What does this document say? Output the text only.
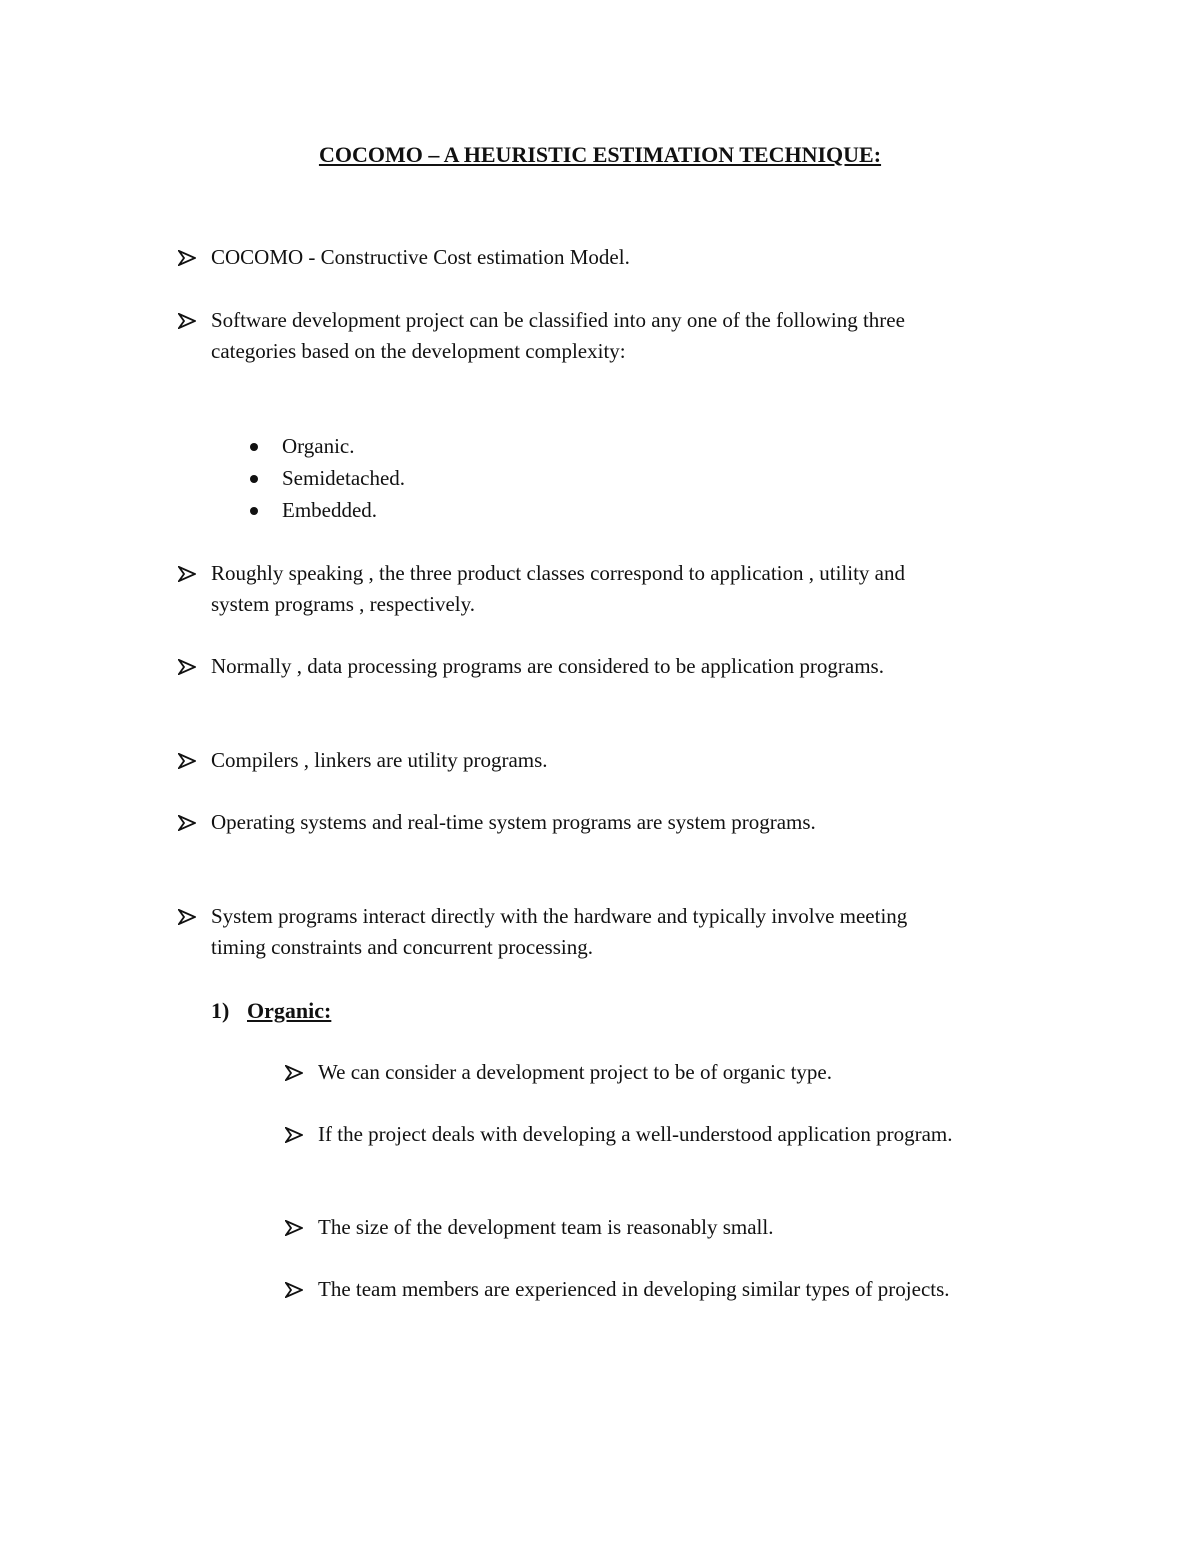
COCOMO – A HEURISTIC ESTIMATION TECHNIQUE:
COCOMO - Constructive Cost estimation Model.
Software development project can be classified into any one of the following three
categories based on the development complexity:
Organic.
Semidetached.
Embedded.
Roughly speaking , the three product classes correspond to application , utility and
system programs , respectively.
Normally , data processing programs are considered to be application programs.
Compilers , linkers are utility programs.
Operating systems and real-time system programs are system programs.
System programs interact directly with the hardware and typically involve meeting
timing constraints and concurrent processing.
1) Organic:
We can consider a development project to be of organic type.
If the project deals with developing a well-understood application program.
The size of the development team is reasonably small.
The team members are experienced in developing similar types of projects.
